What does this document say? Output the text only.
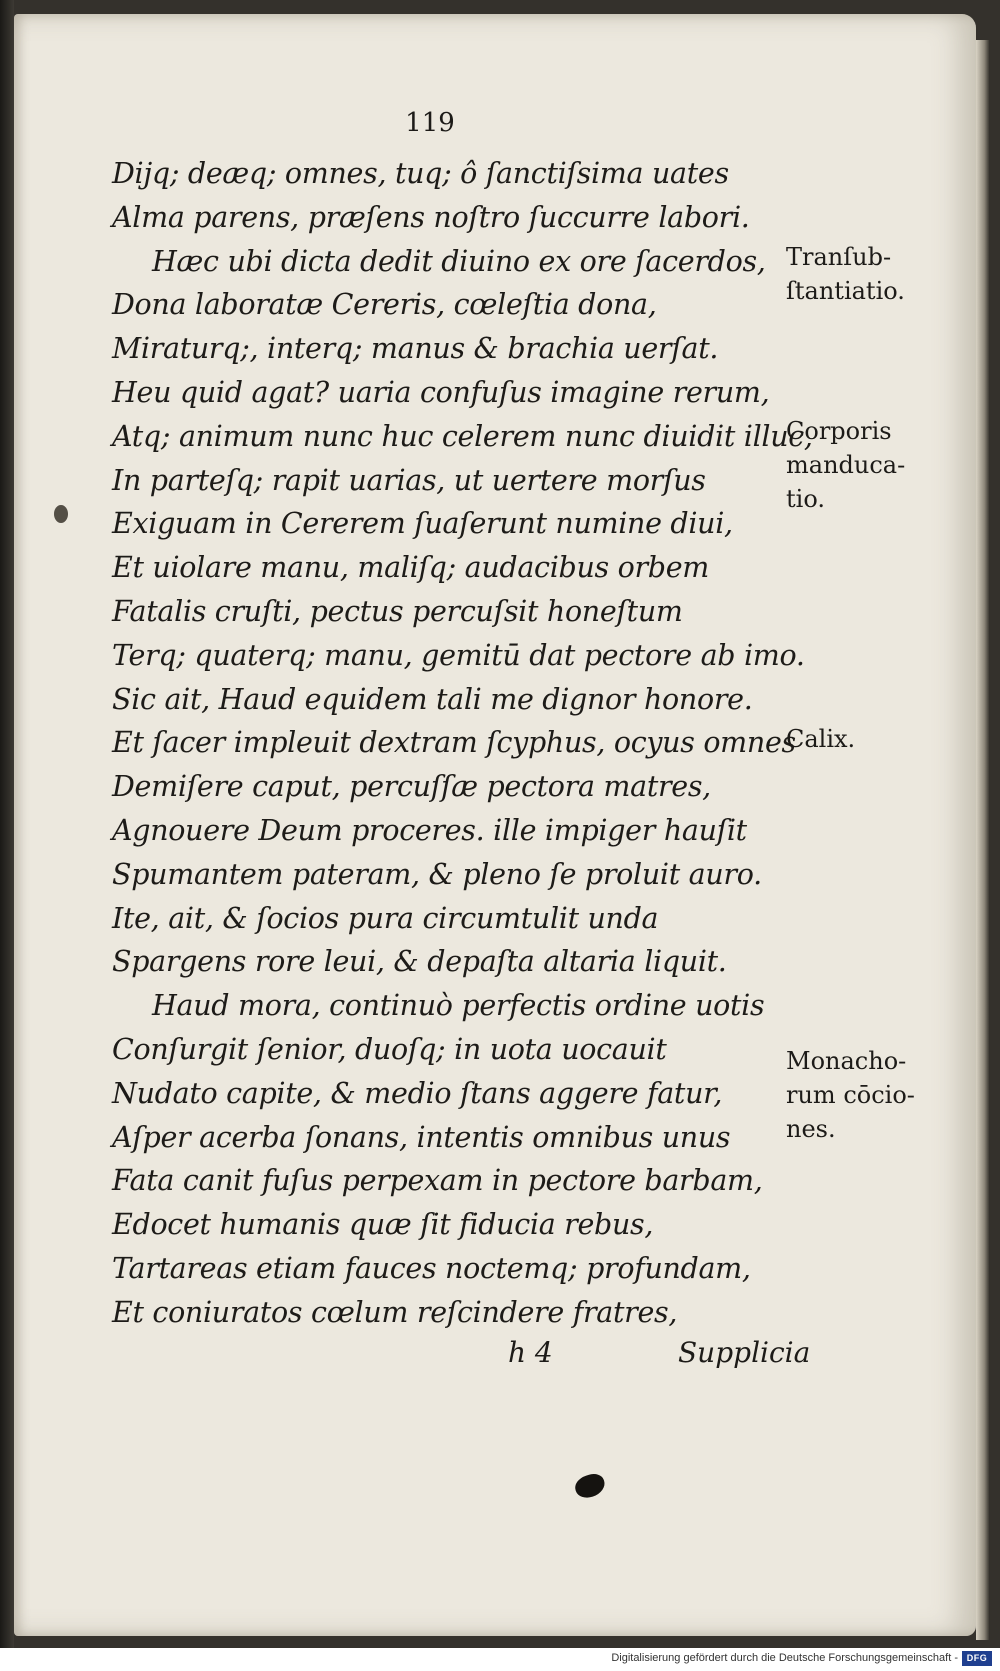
119
Dijq; deæq; omnes, tuq; ô ſanctiſsima uates
Alma parens, præſens noſtro ſuccurre labori.
Hæc ubi dicta dedit diuino ex ore ſacerdos,
Dona laboratæ Cereris, cœleſtia dona,
Miraturq;, interq; manus & brachia uerſat.
Heu quid agat? uaria confuſus imagine rerum,
Atq; animum nunc huc celerem nunc diuidit illuc,
In parteſq; rapit uarias, ut uertere morſus
Exiguam in Cererem ſuaſerunt numine diui,
Et uiolare manu, maliſq; audacibus orbem
Fatalis cruſti, pectus percuſsit honeſtum
Terq; quaterq; manu, gemitū dat pectore ab imo.
Sic ait, Haud equidem tali me dignor honore.
Et ſacer impleuit dextram ſcyphus, ocyus omnes
Demiſere caput, percuſſæ pectora matres,
Agnouere Deum proceres. ille impiger hauſit
Spumantem pateram, & pleno ſe proluit auro.
Ite, ait, & ſocios pura circumtulit unda
Spargens rore leui, & depaſta altaria liquit.
Haud mora, continuò perfectis ordine uotis
Conſurgit ſenior, duoſq; in uota uocauit
Nudato capite, & medio ſtans aggere fatur,
Aſper acerba ſonans, intentis omnibus unus
Fata canit fuſus perpexam in pectore barbam,
Edocet humanis quæ ſit fiducia rebus,
Tartareas etiam fauces noctemq; profundam,
Et coniuratos cœlum reſcindere fratres,
Tranſub-
ſtantiatio.
Corporis
manduca-
tio.
Calix.
Monacho-
rum cōcio-
nes.
h 4	Supplicia
Digitalisierung gefördert durch die Deutsche Forschungsgemeinschaft - DFG
